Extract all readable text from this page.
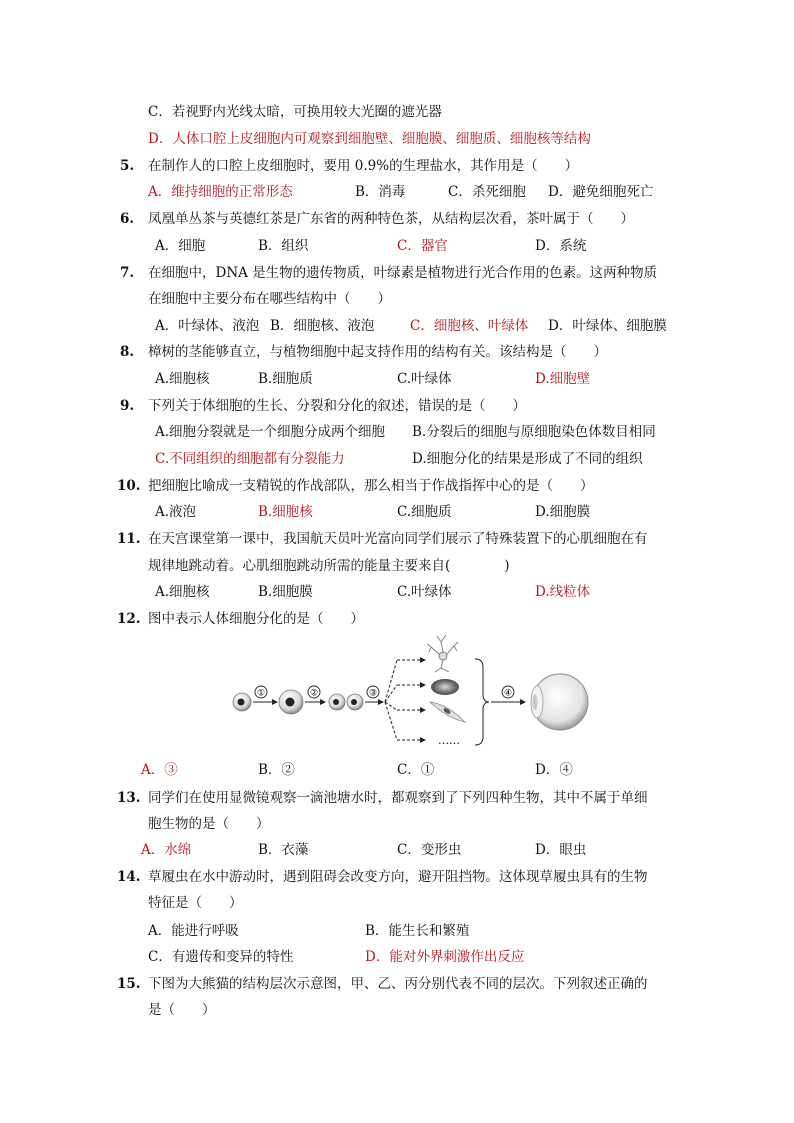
C．若视野内光线太暗，可换用较大光圈的遮光器
D．人体口腔上皮细胞内可观察到细胞壁、细胞膜、细胞质、细胞核等结构
5. 在制作人的口腔上皮细胞时，要用 0.9%的生理盐水，其作用是（　　）
A．维持细胞的正常形态	B．消毒	C．杀死细胞 D．避免细胞死亡
6. 凤凰单丛茶与英德红茶是广东省的两种特色茶，从结构层次看，茶叶属于（　　）
A．细胞	B．组织	C．器官	D．系统
7. 在细胞中，DNA 是生物的遗传物质，叶绿素是植物进行光合作用的色素。这两种物质
在细胞中主要分布在哪些结构中（　　）
A．叶绿体、液泡 B．细胞核、液泡	C．细胞核、叶绿体 D．叶绿体、细胞膜
8. 樟树的茎能够直立，与植物细胞中起支持作用的结构有关。该结构是（　　）
A.细胞核	B.细胞质	C.叶绿体	D.细胞壁
9. 下列关于体细胞的生长、分裂和分化的叙述，错误的是（　　）
A.细胞分裂就是一个细胞分成两个细胞 B.分裂后的细胞与原细胞染色体数目相同
C.不同组织的细胞都有分裂能力	D.细胞分化的结果是形成了不同的组织
10. 把细胞比喻成一支精锐的作战部队，那么相当于作战指挥中心的是（　　）
A.液泡	B.细胞核	C.细胞质	D.细胞膜
11. 在天宫课堂第一课中，我国航天员叶光富向同学们展示了特殊装置下的心肌细胞在有
规律地跳动着。心肌细胞跳动所需的能量主要来自(　　　　)
A.细胞核	B.细胞膜	C.叶绿体	D.线粒体
12. 图中表示人体细胞分化的是（　　）
①	②	③
……
④
A．③	B．②	C．①	D．④
13. 同学们在使用显微镜观察一滴池塘水时，都观察到了下列四种生物，其中不属于单细
胞生物的是（　　）
A．水绵	B．衣藻	C．变形虫	D．眼虫
14. 草履虫在水中游动时，遇到阻碍会改变方向，避开阻挡物。这体现草履虫具有的生物
特征是（　　）
A．能进行呼吸	B．能生长和繁殖
C．有遗传和变异的特性	D．能对外界刺激作出反应
15. 下图为大熊猫的结构层次示意图，甲、乙、丙分别代表不同的层次。下列叙述正确的
是（　　）
